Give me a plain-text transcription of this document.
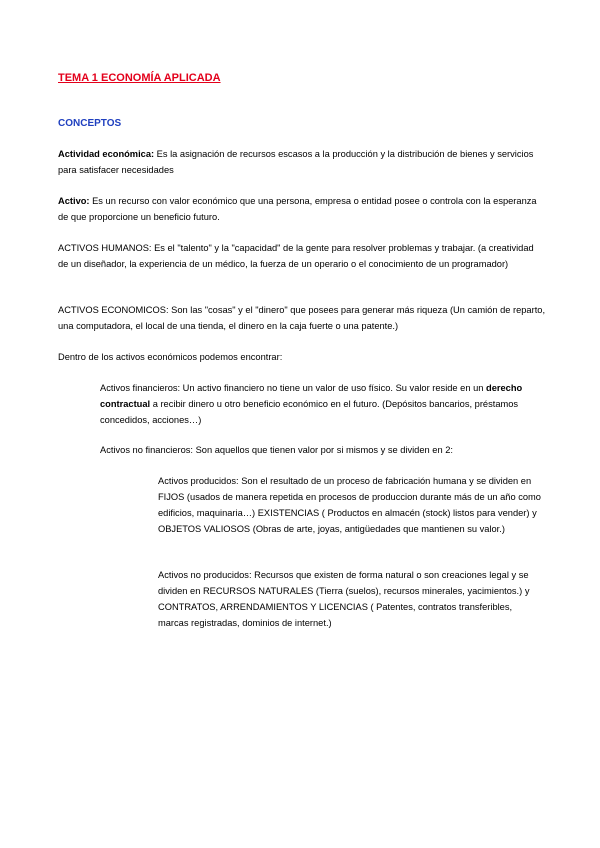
TEMA 1 ECONOMÍA APLICADA
CONCEPTOS
Actividad económica: Es la asignación de recursos escasos a la producción y la distribución de bienes y servicios para satisfacer necesidades
Activo: Es un recurso con valor económico que una persona, empresa o entidad posee o controla con la esperanza de que proporcione un beneficio futuro.
ACTIVOS HUMANOS: Es el "talento" y la "capacidad" de la gente para resolver problemas y trabajar. (a creatividad de un diseñador, la experiencia de un médico, la fuerza de un operario o el conocimiento de un programador)
ACTIVOS ECONOMICOS: Son las "cosas" y el "dinero" que posees para generar más riqueza (Un camión de reparto, una computadora, el local de una tienda, el dinero en la caja fuerte o una patente.)
Dentro de los activos económicos podemos encontrar:
Activos financieros: Un activo financiero no tiene un valor de uso físico. Su valor reside en un derecho contractual a recibir dinero u otro beneficio económico en el futuro. (Depósitos bancarios, préstamos concedidos, acciones…)
Activos no financieros: Son aquellos que tienen valor por si mismos y se dividen en 2:
Activos producidos: Son el resultado de un proceso de fabricación humana y se dividen en FIJOS (usados de manera repetida en procesos de produccion durante más de un año como edificios, maquinaria…) EXISTENCIAS ( Productos en almacén (stock) listos para vender) y OBJETOS VALIOSOS (Obras de arte, joyas, antigüedades que mantienen su valor.)
Activos no producidos: Recursos que existen de forma natural o son creaciones legal y se dividen en RECURSOS NATURALES (Tierra (suelos), recursos minerales, yacimientos.) y CONTRATOS, ARRENDAMIENTOS Y LICENCIAS ( Patentes, contratos transferibles, marcas registradas, dominios de internet.)
